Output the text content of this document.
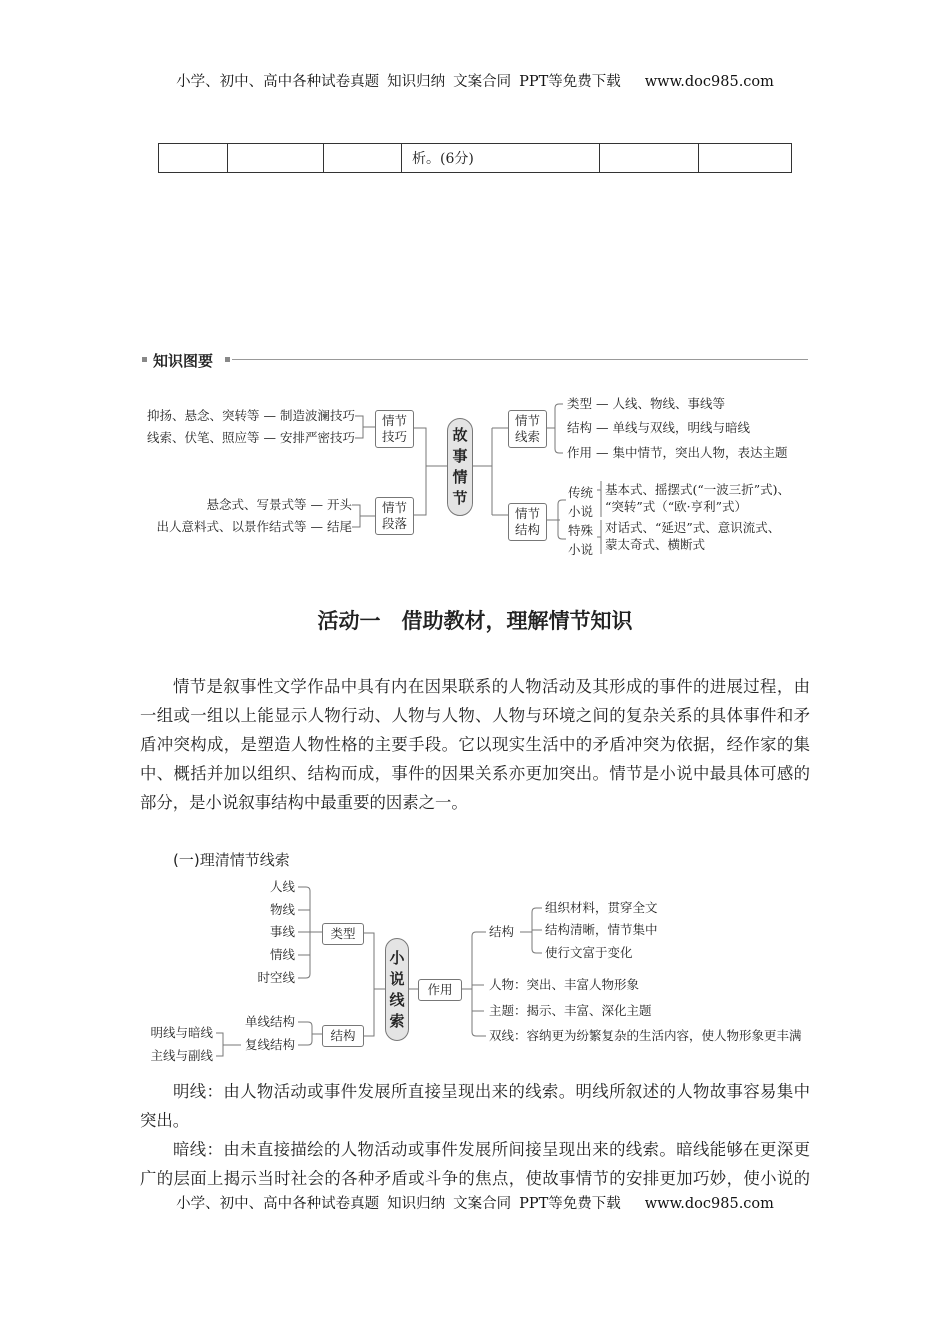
小学、初中、高中各种试卷真题 知识归纳 文案合同 PPT等免费下载 www.doc985.com
			析。(6分)		
知识图要
抑扬、悬念、突转等 — 制造波澜技巧
线索、伏笔、照应等 — 安排严密技巧
悬念式、写景式等 — 开头
出人意料式、以景作结式等 — 结尾
情节技巧
情节段落
故事情节
情节线索
情节结构
类型 — 人线、物线、事线等
结构 — 单线与双线，明线与暗线
作用 — 集中情节，突出人物，表达主题
传统小说
基本式、摇摆式(“一波三折”式)、
“突转”式（“欧·亨利”式）
特殊小说
对话式、“延迟”式、意识流式、
蒙太奇式、横断式
活动一　借助教材，理解情节知识
情节是叙事性文学作品中具有内在因果联系的人物活动及其形成的事件的进展过程，由
一组或一组以上能显示人物行动、人物与人物、人物与环境之间的复杂关系的具体事件和矛
盾冲突构成，是塑造人物性格的主要手段。它以现实生活中的矛盾冲突为依据，经作家的集
中、概括并加以组织、结构而成，事件的因果关系亦更加突出。情节是小说中最具体可感的
部分，是小说叙事结构中最重要的因素之一。
(一)理清情节线索
人线
物线
事线
情线
时空线
类型
单线结构
复线结构
明线与暗线
主线与副线
结构
小说线索
作用
结构
组织材料，贯穿全文
结构清晰，情节集中
使行文富于变化
人物：突出、丰富人物形象
主题：揭示、丰富、深化主题
双线：容纳更为纷繁复杂的生活内容，使人物形象更丰满
明线：由人物活动或事件发展所直接呈现出来的线索。明线所叙述的人物故事容易集中
突出。
暗线：由未直接描绘的人物活动或事件发展所间接呈现出来的线索。暗线能够在更深更
广的层面上揭示当时社会的各种矛盾或斗争的焦点，使故事情节的安排更加巧妙，使小说的
小学、初中、高中各种试卷真题 知识归纳 文案合同 PPT等免费下载 www.doc985.com
